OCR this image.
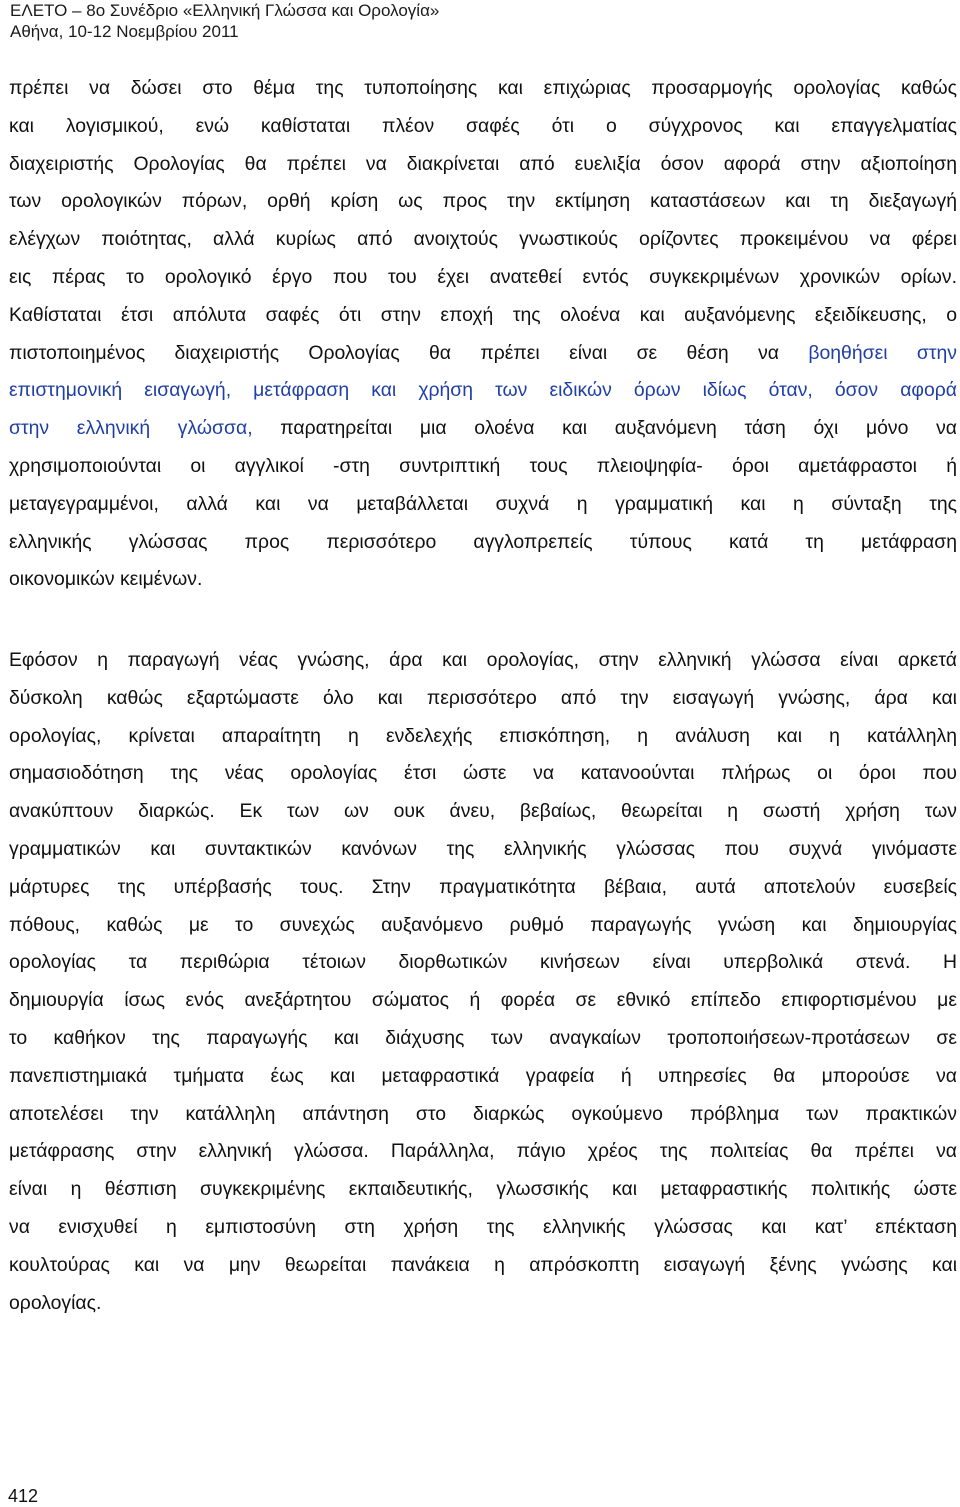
ΕΛΕΤΟ – 8ο Συνέδριο «Ελληνική Γλώσσα και Ορολογία»
Αθήνα, 10-12 Νοεμβρίου 2011
πρέπει να δώσει στο θέμα της τυποποίησης και επιχώριας προσαρμογής ορολογίας καθώς
και λογισμικού, ενώ καθίσταται πλέον σαφές ότι ο σύγχρονος και επαγγελματίας
διαχειριστής Ορολογίας θα πρέπει να διακρίνεται από ευελιξία όσον αφορά στην αξιοποίηση
των ορολογικών πόρων, ορθή κρίση ως προς την εκτίμηση καταστάσεων και τη διεξαγωγή
ελέγχων ποιότητας, αλλά κυρίως από ανοιχτούς γνωστικούς ορίζοντες προκειμένου να φέρει
εις πέρας το ορολογικό έργο που του έχει ανατεθεί εντός συγκεκριμένων χρονικών ορίων.
Καθίσταται έτσι απόλυτα σαφές ότι στην εποχή της ολοένα και αυξανόμενης εξειδίκευσης, ο
πιστοποιημένος διαχειριστής Ορολογίας θα πρέπει είναι σε θέση να βοηθήσει στην
επιστημονική εισαγωγή, μετάφραση και χρήση των ειδικών όρων ιδίως όταν, όσον αφορά
στην ελληνική γλώσσα, παρατηρείται μια ολοένα και αυξανόμενη τάση όχι μόνο να
χρησιμοποιούνται οι αγγλικοί -στη συντριπτική τους πλειοψηφία- όροι αμετάφραστοι ή
μεταγεγραμμένοι, αλλά και να μεταβάλλεται συχνά η γραμματική και η σύνταξη της
ελληνικής γλώσσας προς περισσότερο αγγλοπρεπείς τύπους κατά τη μετάφραση
οικονομικών κειμένων.
Εφόσον η παραγωγή νέας γνώσης, άρα και ορολογίας, στην ελληνική γλώσσα είναι αρκετά
δύσκολη καθώς εξαρτώμαστε όλο και περισσότερο από την εισαγωγή γνώσης, άρα και
ορολογίας, κρίνεται απαραίτητη η ενδελεχής επισκόπηση, η ανάλυση και η κατάλληλη
σημασιοδότηση της νέας ορολογίας έτσι ώστε να κατανοούνται πλήρως οι όροι που
ανακύπτουν διαρκώς. Εκ των ων ουκ άνευ, βεβαίως, θεωρείται η σωστή χρήση των
γραμματικών και συντακτικών κανόνων της ελληνικής γλώσσας που συχνά γινόμαστε
μάρτυρες της υπέρβασής τους. Στην πραγματικότητα βέβαια, αυτά αποτελούν ευσεβείς
πόθους, καθώς με το συνεχώς αυξανόμενο ρυθμό παραγωγής γνώση και δημιουργίας
ορολογίας τα περιθώρια τέτοιων διορθωτικών κινήσεων είναι υπερβολικά στενά. Η
δημιουργία ίσως ενός ανεξάρτητου σώματος ή φορέα σε εθνικό επίπεδο επιφορτισμένου με
το καθήκον της παραγωγής και διάχυσης των αναγκαίων τροποποιήσεων-προτάσεων σε
πανεπιστημιακά τμήματα έως και μεταφραστικά γραφεία ή υπηρεσίες θα μπορούσε να
αποτελέσει την κατάλληλη απάντηση στο διαρκώς ογκούμενο πρόβλημα των πρακτικών
μετάφρασης στην ελληνική γλώσσα. Παράλληλα, πάγιο χρέος της πολιτείας θα πρέπει να
είναι η θέσπιση συγκεκριμένης εκπαιδευτικής, γλωσσικής και μεταφραστικής πολιτικής ώστε
να ενισχυθεί η εμπιστοσύνη στη χρήση της ελληνικής γλώσσας και κατ’ επέκταση
κουλτούρας και να μην θεωρείται πανάκεια η απρόσκοπτη εισαγωγή ξένης γνώσης και
ορολογίας.
412
